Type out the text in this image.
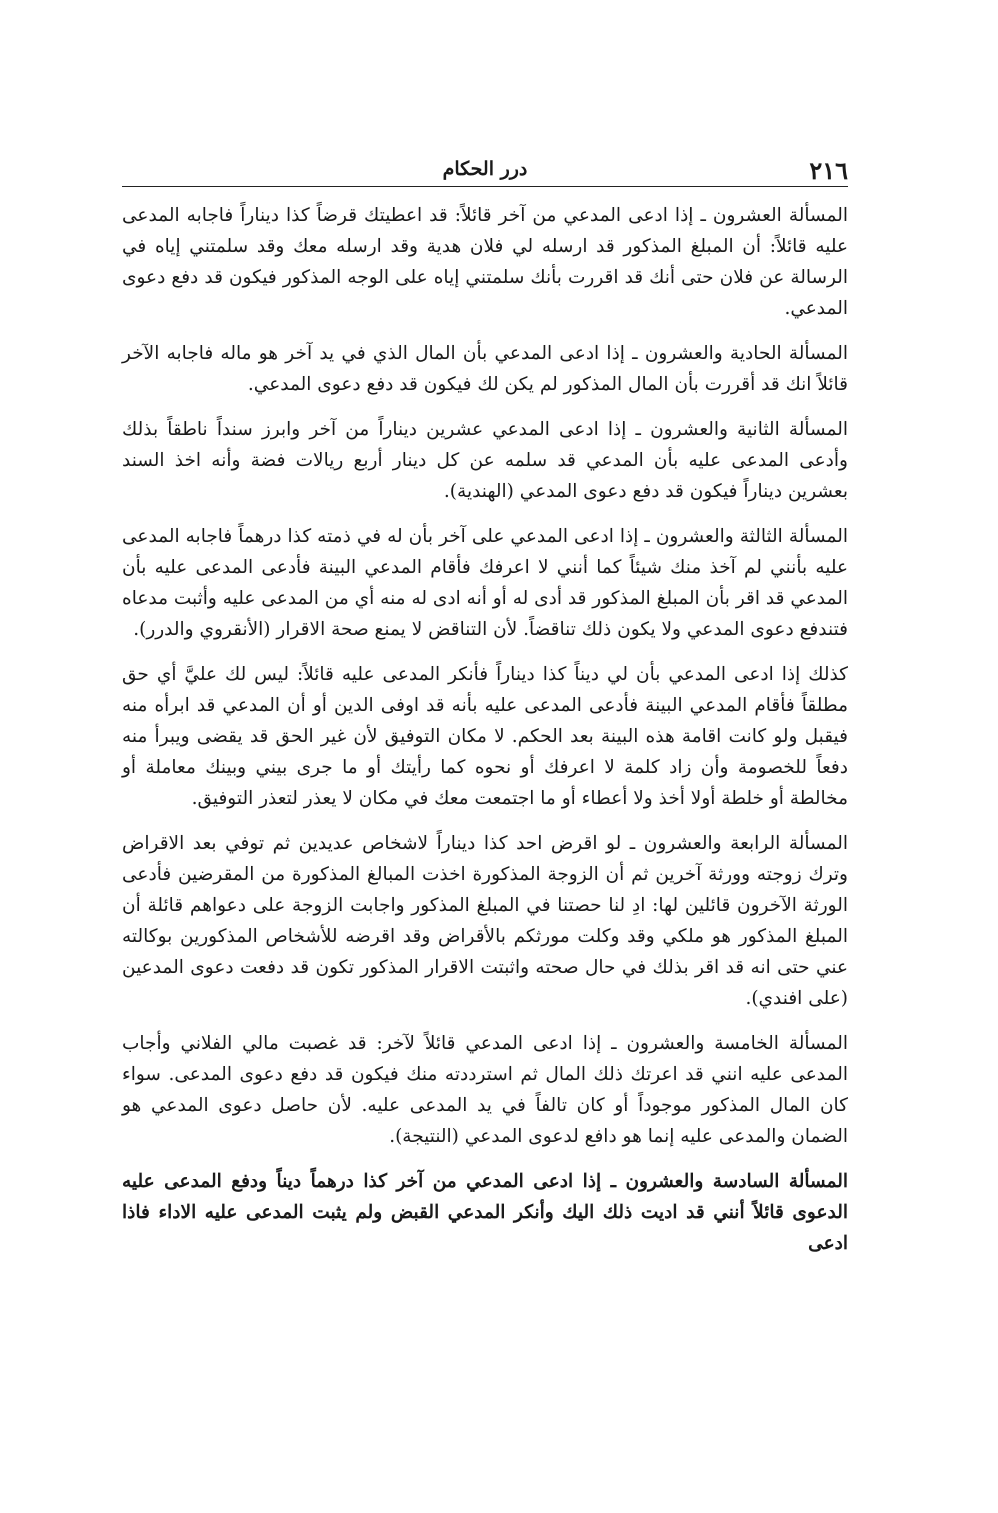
٢١٦
درر الحكام

المسألة العشرون ـ إذا ادعى المدعي من آخر قائلاً: قد اعطيتك قرضاً كذا ديناراً فاجابه المدعى عليه قائلاً: أن المبلغ المذكور قد ارسله لي فلان هدية وقد ارسله معك وقد سلمتني إياه في الرسالة عن فلان حتى أنك قد اقررت بأنك سلمتني إياه على الوجه المذكور فيكون قد دفع دعوى المدعي.

المسألة الحادية والعشرون ـ إذا ادعى المدعي بأن المال الذي في يد آخر هو ماله فاجابه الآخر قائلاً انك قد أقررت بأن المال المذكور لم يكن لك فيكون قد دفع دعوى المدعي.

المسألة الثانية والعشرون ـ إذا ادعى المدعي عشرين ديناراً من آخر وابرز سنداً ناطقاً بذلك وأدعى المدعى عليه بأن المدعي قد سلمه عن كل دينار أربع ريالات فضة وأنه اخذ السند بعشرين ديناراً فيكون قد دفع دعوى المدعي (الهندية).

المسألة الثالثة والعشرون ـ إذا ادعى المدعي على آخر بأن له في ذمته كذا درهماً فاجابه المدعى عليه بأنني لم آخذ منك شيئاً كما أنني لا اعرفك فأقام المدعي البينة فأدعى المدعى عليه بأن المدعي قد اقر بأن المبلغ المذكور قد أدى له أو أنه ادى له منه أي من المدعى عليه وأثبت مدعاه فتندفع دعوى المدعي ولا يكون ذلك تناقضاً. لأن التناقض لا يمنع صحة الاقرار (الأنقروي والدرر).

كذلك إذا ادعى المدعي بأن لي ديناً كذا ديناراً فأنكر المدعى عليه قائلاً: ليس لك عليَّ أي حق مطلقاً فأقام المدعي البينة فأدعى المدعى عليه بأنه قد اوفى الدين أو أن المدعي قد ابرأه منه فيقبل ولو كانت اقامة هذه البينة بعد الحكم. لا مكان التوفيق لأن غير الحق قد يقضى ويبرأ منه دفعاً للخصومة وأن زاد كلمة لا اعرفك أو نحوه كما رأيتك أو ما جرى بيني وبينك معاملة أو مخالطة أو خلطة أولا أخذ ولا أعطاء أو ما اجتمعت معك في مكان لا يعذر لتعذر التوفيق.

المسألة الرابعة والعشرون ـ لو اقرض احد كذا ديناراً لاشخاص عديدين ثم توفي بعد الاقراض وترك زوجته وورثة آخرين ثم أن الزوجة المذكورة اخذت المبالغ المذكورة من المقرضين فأدعى الورثة الآخرون قائلين لها: ادِ لنا حصتنا في المبلغ المذكور واجابت الزوجة على دعواهم قائلة أن المبلغ المذكور هو ملكي وقد وكلت مورثكم بالأقراض وقد اقرضه للأشخاص المذكورين بوكالته عني حتى انه قد اقر بذلك في حال صحته واثبتت الاقرار المذكور تكون قد دفعت دعوى المدعين (على افندي).

المسألة الخامسة والعشرون ـ إذا ادعى المدعي قائلاً لآخر: قد غصبت مالي الفلاني وأجاب المدعى عليه انني قد اعرتك ذلك المال ثم استرددته منك فيكون قد دفع دعوى المدعى. سواء كان المال المذكور موجوداً أو كان تالفاً في يد المدعى عليه. لأن حاصل دعوى المدعي هو الضمان والمدعى عليه إنما هو دافع لدعوى المدعي (النتيجة).

المسألة السادسة والعشرون ـ إذا ادعى المدعي من آخر كذا درهماً ديناً ودفع المدعى عليه الدعوى قائلاً أنني قد اديت ذلك اليك وأنكر المدعي القبض ولم يثبت المدعى عليه الاداء فاذا ادعى
